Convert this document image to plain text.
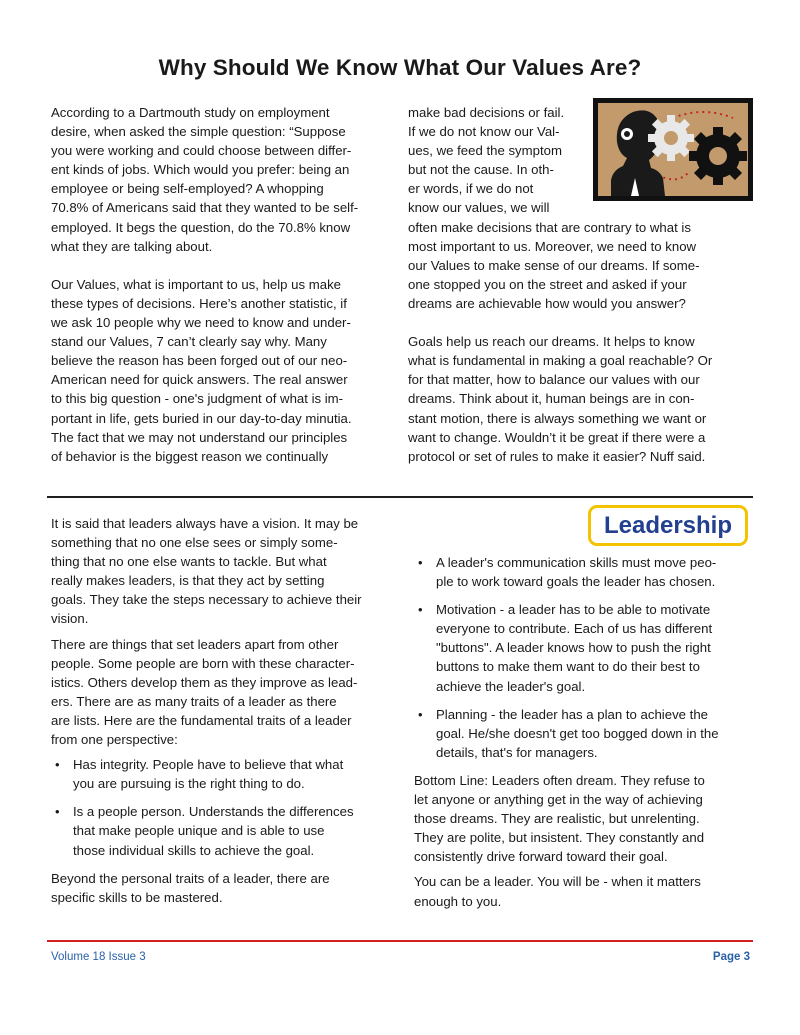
Why Should We Know What Our Values Are?

According to a Dartmouth study on employment

desire, when asked the simple question: “Suppose

you were working and could choose between differ-

ent kinds of jobs. Which would you prefer: being an

employee or being self-employed? A whopping

70.8% of Americans said that they wanted to be self-

employed. It begs the question, do the 70.8% know

what they are talking about.

Our Values, what is important to us, help us make

these types of decisions. Here’s another statistic, if

we ask 10 people why we need to know and under-

stand our Values, 7 can’t clearly say why. Many

believe the reason has been forged out of our neo-

American need for quick answers. The real answer

to this big question - one's judgment of what is im-

portant in life, gets buried in our day-to-day minutia.

The fact that we may not understand our principles

of behavior is the biggest reason we continually

make bad decisions or fail.

If we do not know our Val-

ues, we feed the symptom

but not the cause. In oth-

er words, if we do not

know our values, we will

often make decisions that are contrary to what is

most important to us. Moreover, we need to know

our Values to make sense of our dreams. If some-

one stopped you on the street and asked if your

dreams are achievable how would you answer?

Goals help us reach our dreams. It helps to know

what is fundamental in making a goal reachable? Or

for that matter, how to balance our values with our

dreams. Think about it, human beings are in con-

stant motion, there is always something we want or

want to change. Wouldn’t it be great if there were a

protocol or set of rules to make it easier? Nuff said.

It is said that leaders always have a vision. It may be

something that no one else sees or simply some-

thing that no one else wants to tackle. But what

really makes leaders, is that they act by setting

goals. They take the steps necessary to achieve their

vision.

There are things that set leaders apart from other

people. Some people are born with these character-

istics. Others develop them as they improve as lead-

ers. There are as many traits of a leader as there

are lists. Here are the fundamental traits of a leader

from one perspective:

• Has integrity. People have to believe that what

you are pursuing is the right thing to do.

• Is a people person. Understands the differences

that make people unique and is able to use

those individual skills to achieve the goal.

Beyond the personal traits of a leader, there are

specific skills to be mastered.

Leadership
• A leader's communication skills must move peo-

ple to work toward goals the leader has chosen.

• Motivation - a leader has to be able to motivate

everyone to contribute. Each of us has different

"buttons". A leader knows how to push the right

buttons to make them want to do their best to

achieve the leader's goal.

• Planning - the leader has a plan to achieve the

goal. He/she doesn't get too bogged down in the

details, that's for managers.

Bottom Line: Leaders often dream. They refuse to

let anyone or anything get in the way of achieving

those dreams. They are realistic, but unrelenting.

They are polite, but insistent. They constantly and

consistently drive forward toward their goal.

You can be a leader. You will be - when it matters

enough to you.

Volume 18 Issue 3	Page 3
